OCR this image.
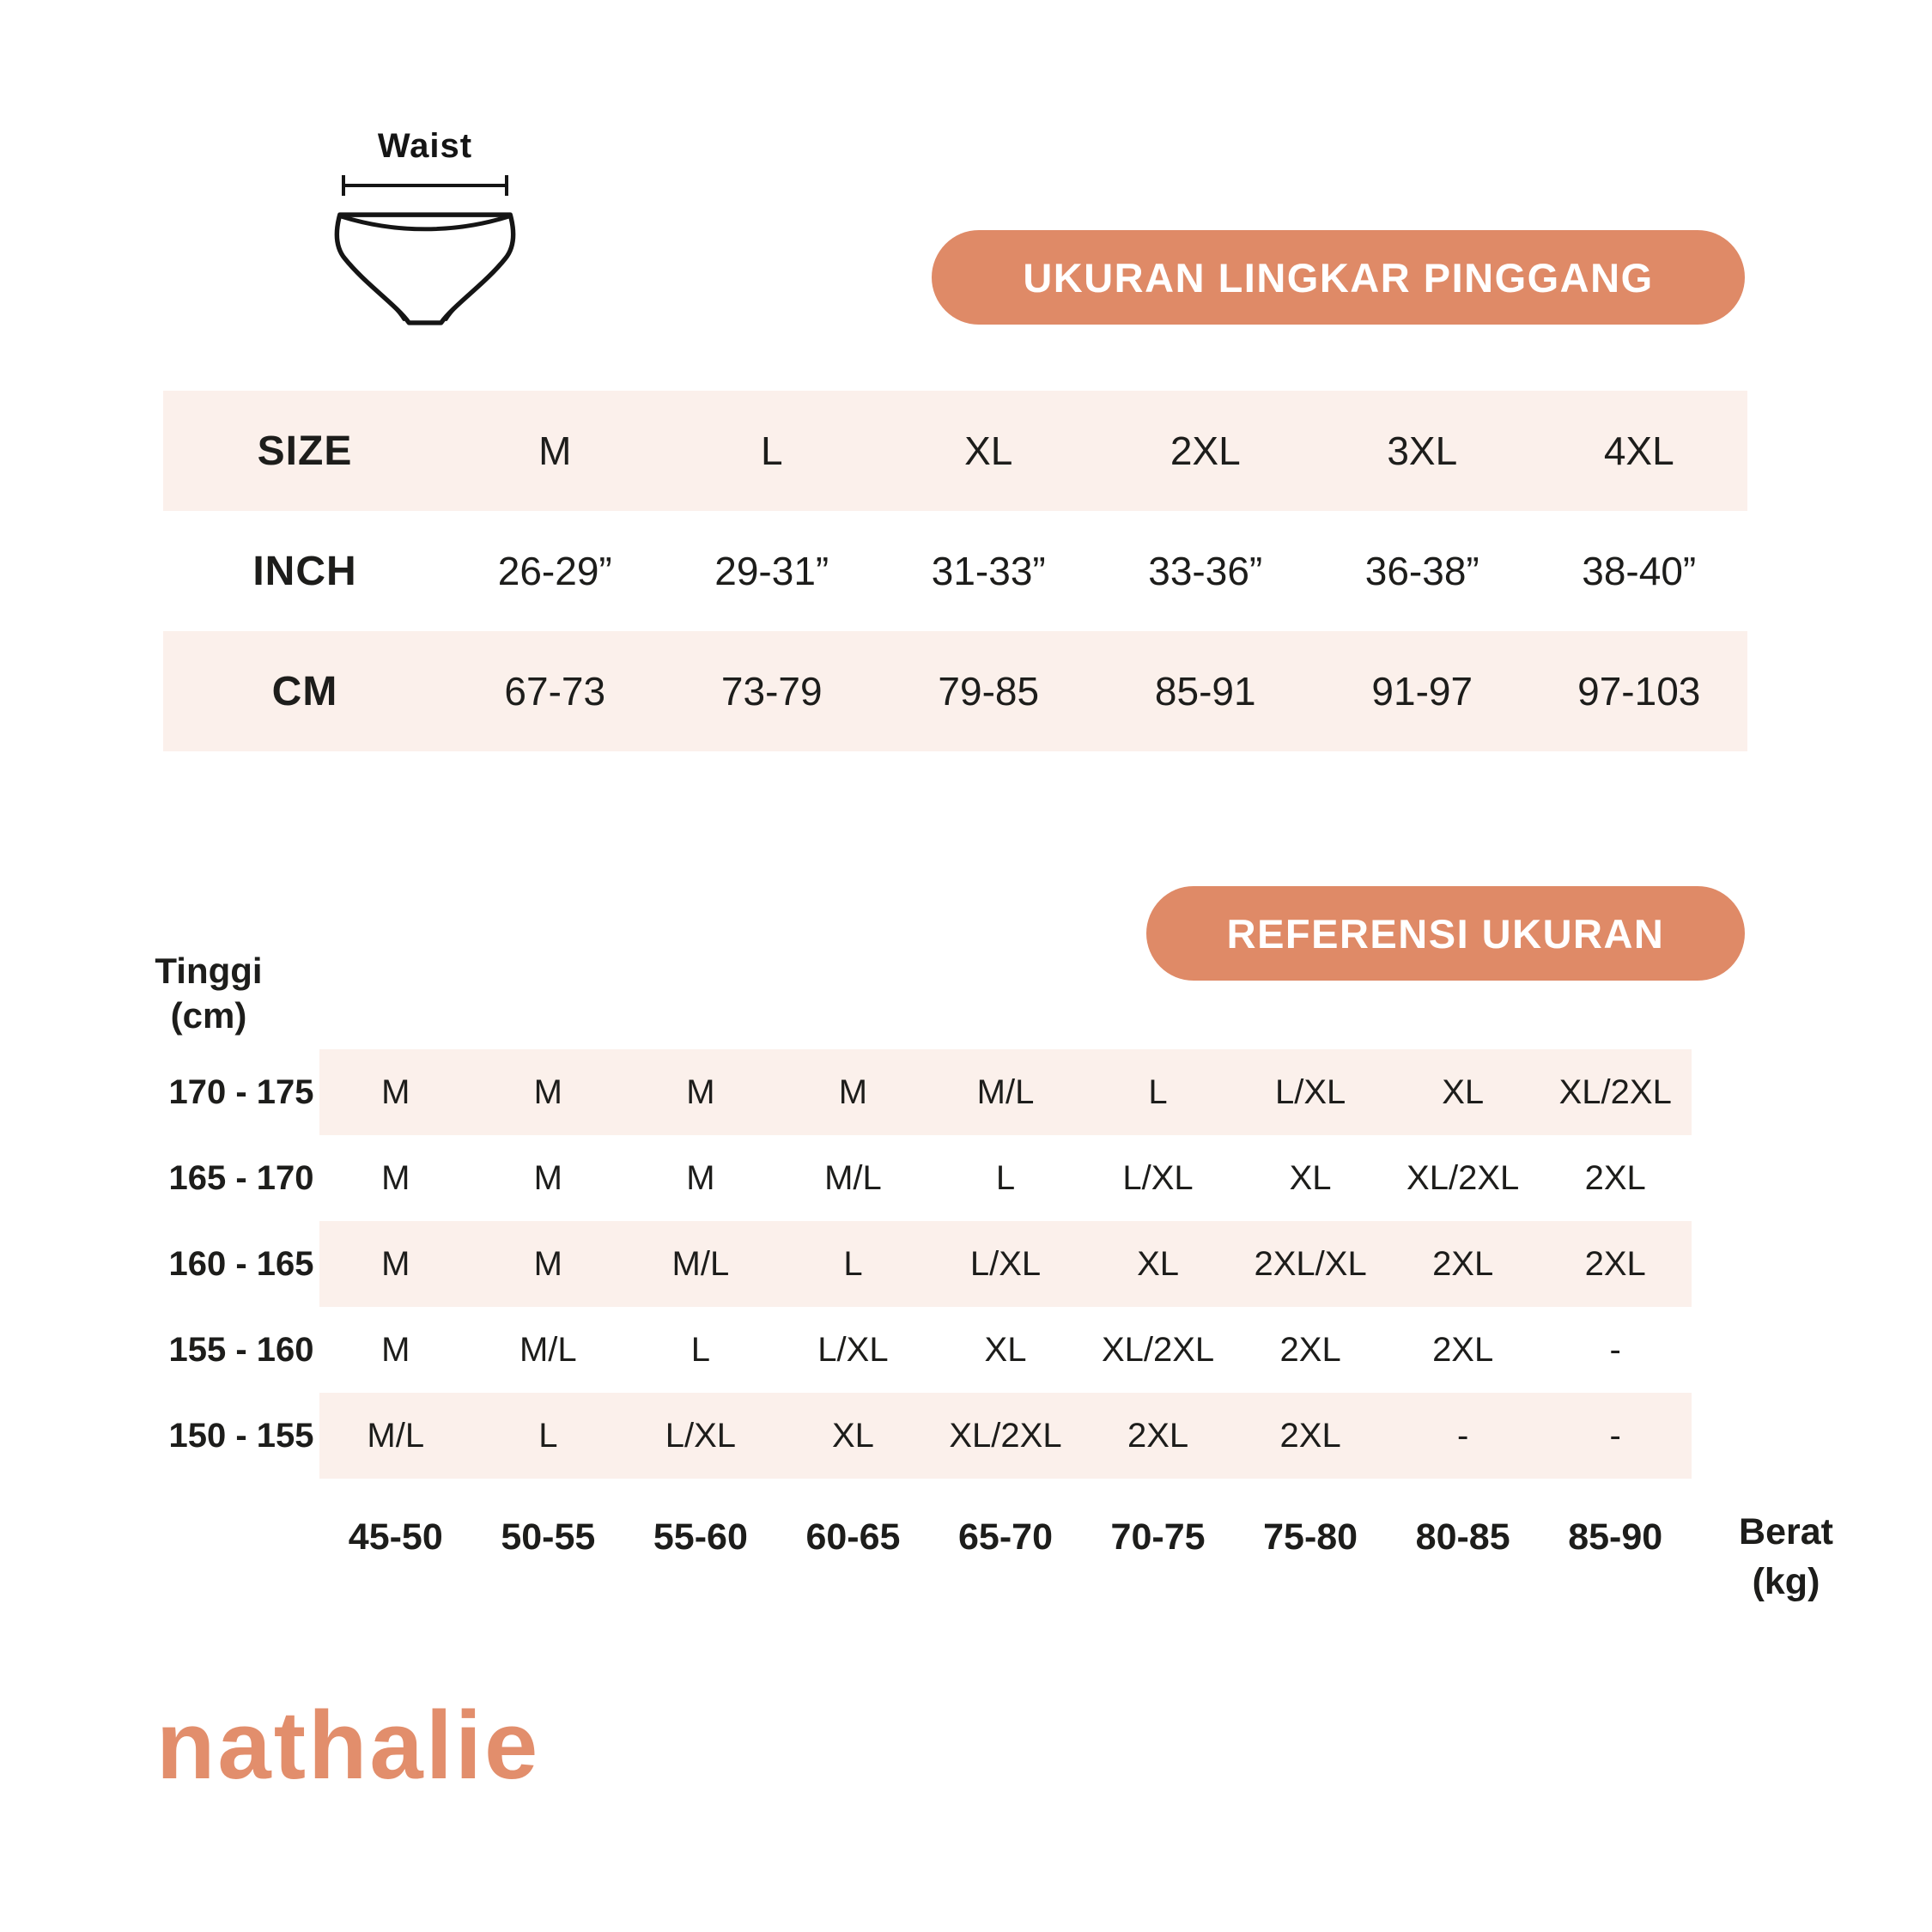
Waist
UKURAN LINGKAR PINGGANG
SIZE	M	L	XL	2XL	3XL	4XL
INCH	26-29”	29-31”	31-33”	33-36”	36-38”	38-40”
CM	67-73	73-79	79-85	85-91	91-97	97-103
REFERENSI UKURAN
Tinggi
(cm)
170 - 175	M	M	M	M	M/L	L	L/XL	XL	XL/2XL
165 - 170	M	M	M	M/L	L	L/XL	XL	XL/2XL	2XL
160 - 165	M	M	M/L	L	L/XL	XL	2XL/XL	2XL	2XL
155 - 160	M	M/L	L	L/XL	XL	XL/2XL	2XL	2XL	-
150 - 155	M/L	L	L/XL	XL	XL/2XL	2XL	2XL	-	-
45-50	50-55	55-60	60-65	65-70	70-75	75-80	80-85	85-90	Berat
(kg)
nathalie
